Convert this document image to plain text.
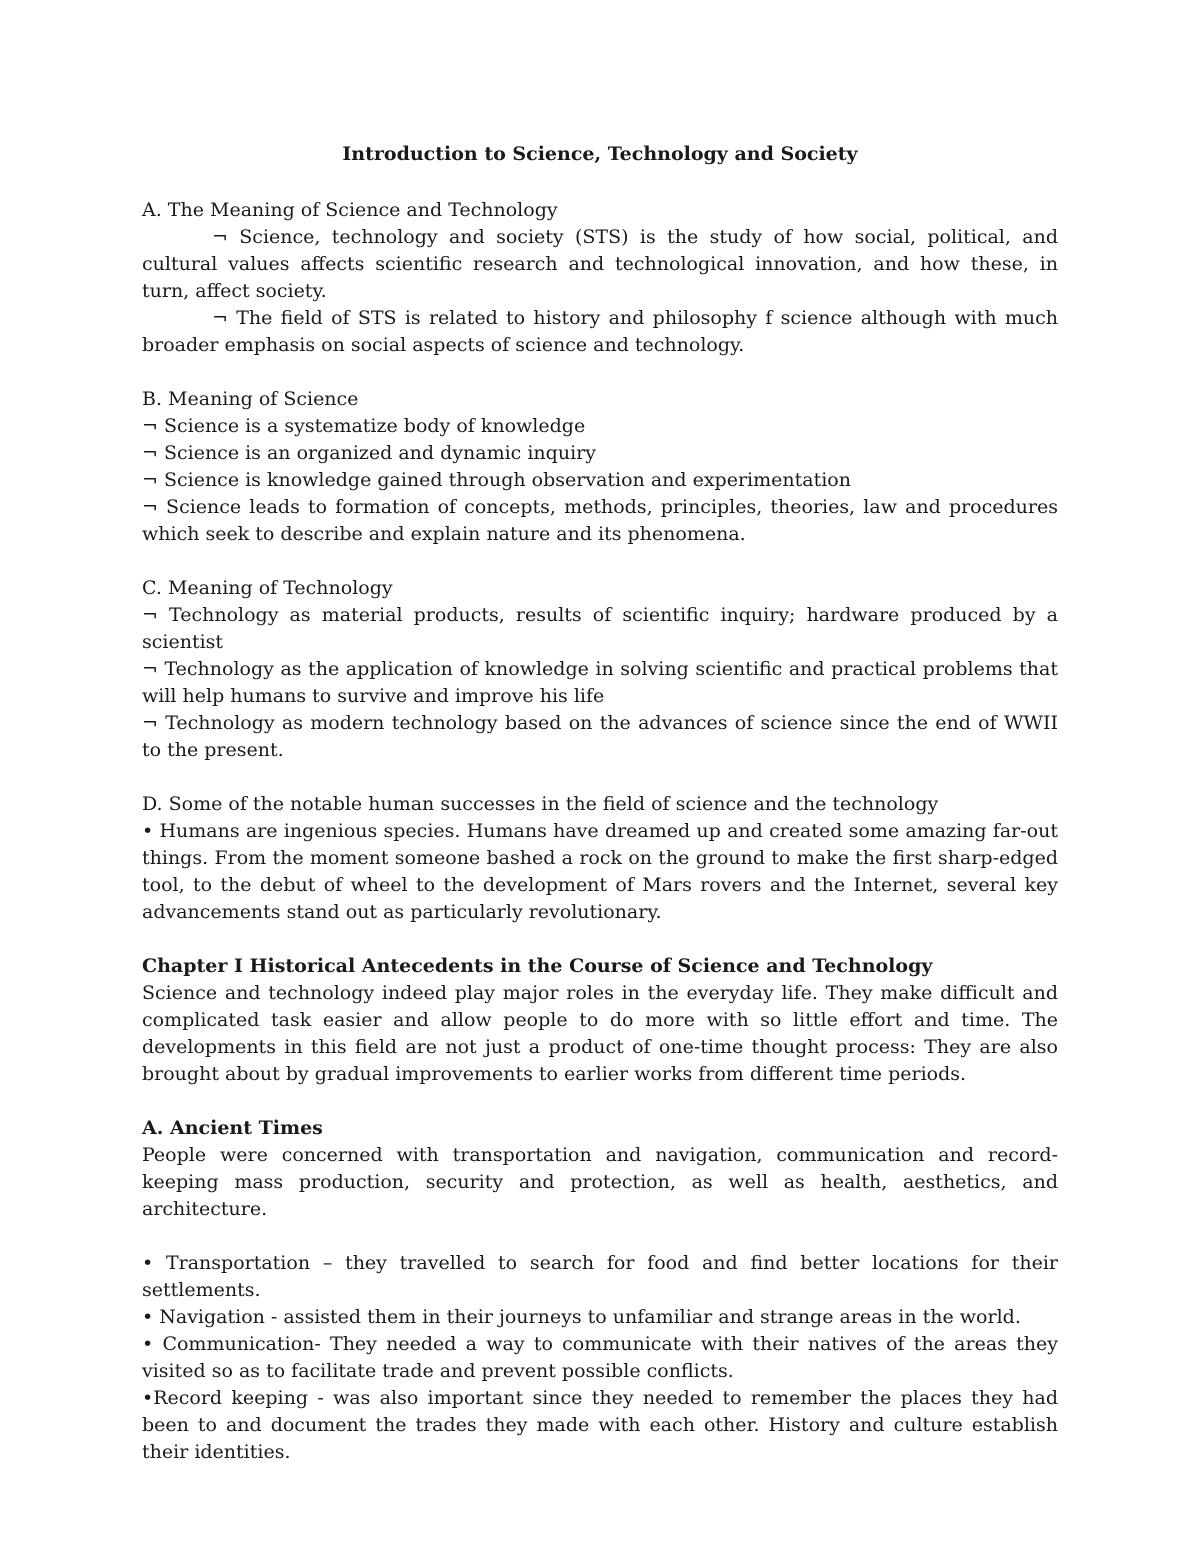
Introduction to Science, Technology and Society

A. The Meaning of Science and Technology

¬ Science, technology and society (STS) is the study of how social, political, and cultural values affects scientific research and technological innovation, and how these, in turn, affect society.

¬ The field of STS is related to history and philosophy f science although with much broader emphasis on social aspects of science and technology.

B. Meaning of Science

¬ Science is a systematize body of knowledge

¬ Science is an organized and dynamic inquiry

¬ Science is knowledge gained through observation and experimentation

¬ Science leads to formation of concepts, methods, principles, theories, law and procedures which seek to describe and explain nature and its phenomena.

C. Meaning of Technology

¬ Technology as material products, results of scientific inquiry; hardware produced by a scientist

¬ Technology as the application of knowledge in solving scientific and practical problems that will help humans to survive and improve his life

¬ Technology as modern technology based on the advances of science since the end of WWII to the present.

D. Some of the notable human successes in the field of science and the technology

• Humans are ingenious species. Humans have dreamed up and created some amazing far-out things. From the moment someone bashed a rock on the ground to make the first sharp-edged tool, to the debut of wheel to the development of Mars rovers and the Internet, several key advancements stand out as particularly revolutionary.

Chapter I Historical Antecedents in the Course of Science and Technology

Science and technology indeed play major roles in the everyday life. They make difficult and complicated task easier and allow people to do more with so little effort and time. The developments in this field are not just a product of one-time thought process: They are also brought about by gradual improvements to earlier works from different time periods.

A. Ancient Times

People were concerned with transportation and navigation, communication and record-keeping mass production, security and protection, as well as health, aesthetics, and architecture.

• Transportation – they travelled to search for food and find better locations for their settlements.

• Navigation - assisted them in their journeys to unfamiliar and strange areas in the world.

• Communication- They needed a way to communicate with their natives of the areas they visited so as to facilitate trade and prevent possible conflicts.

•Record keeping - was also important since they needed to remember the places they had been to and document the trades they made with each other. History and culture establish their identities.
